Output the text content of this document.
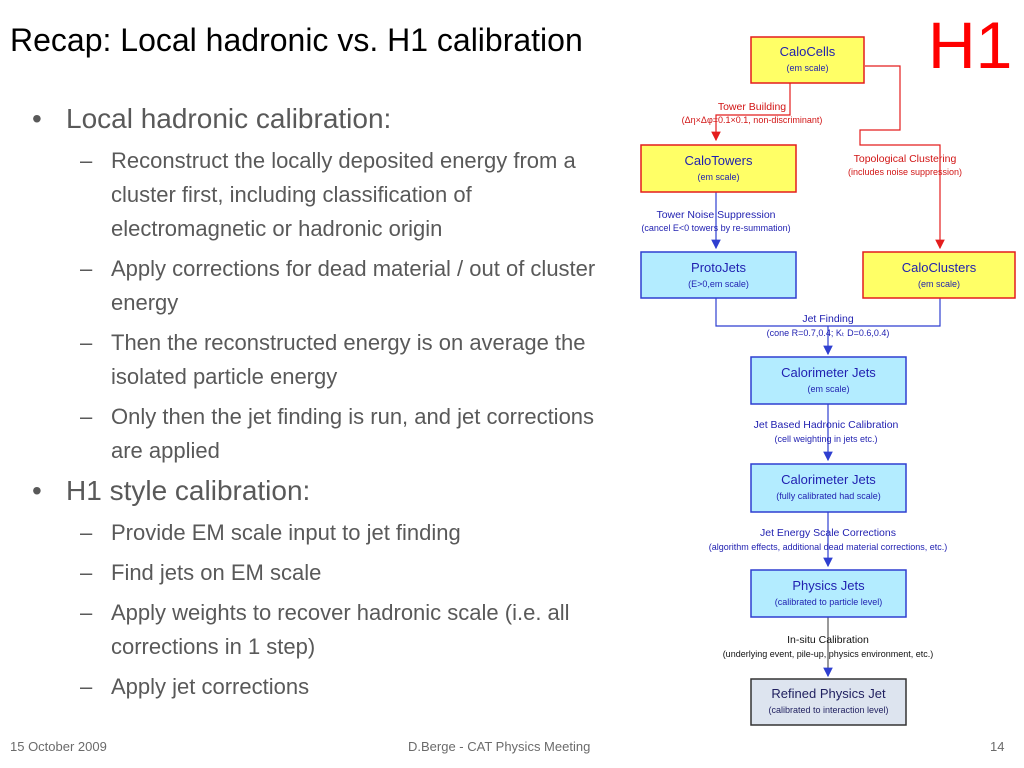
Recap: Local hadronic vs. H1 calibration	H1
• Local hadronic calibration:
– Reconstruct the locally deposited energy from a cluster first, including classification of electromagnetic or hadronic origin
– Apply corrections for dead material / out of cluster energy
– Then the reconstructed energy is on average the isolated particle energy
– Only then the jet finding is run, and jet corrections are applied
• H1 style calibration:
– Provide EM scale input to jet finding
– Find jets on EM scale
– Apply weights to recover hadronic scale (i.e. all corrections in 1 step)
– Apply jet corrections
CaloCells
(em scale)
CaloTowers
(em scale)
CaloClusters
(em scale)
ProtoJets
(E>0,em scale)
Calorimeter Jets
(em scale)
Calorimeter Jets
(fully calibrated had scale)
Physics Jets
(calibrated to particle level)
Refined Physics Jet
(calibrated to interaction level)
Tower Building
(Δη×Δφ=0.1×0.1, non-discriminant)
Topological Clustering
(includes noise suppression)
Tower Noise Suppression
(cancel E<0 towers by re-summation)
Jet Finding
(cone R=0.7,0.4; Kₜ D=0.6,0.4)
Jet Based Hadronic Calibration
(cell weighting in jets etc.)
Jet Energy Scale Corrections
(algorithm effects, additional dead material corrections, etc.)
In-situ Calibration
(underlying event, pile-up, physics environment, etc.)
15 October 2009	D.Berge - CAT Physics Meeting	14
